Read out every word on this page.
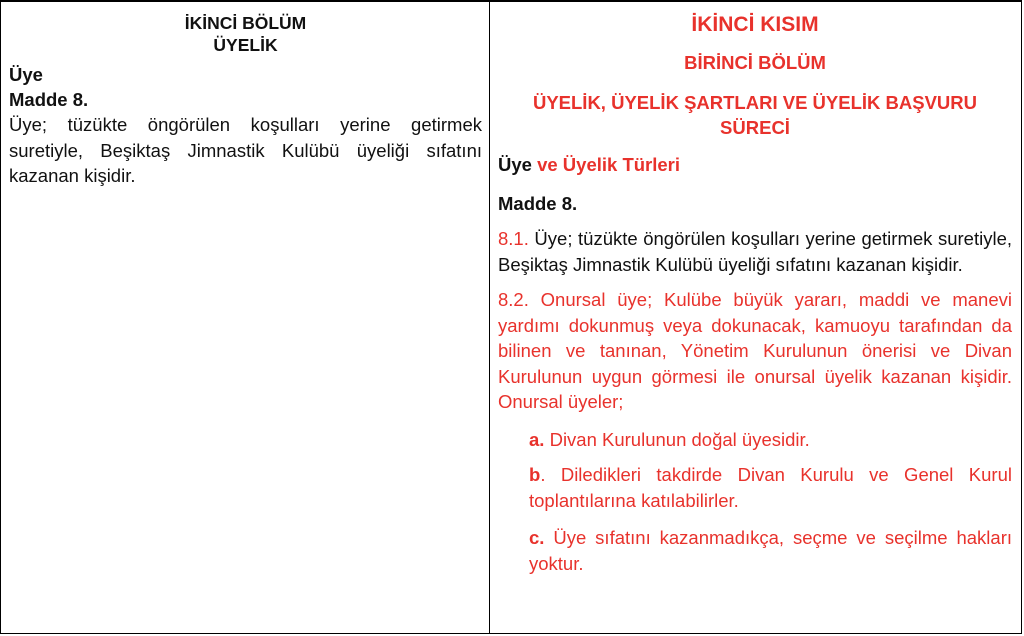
İKİNCİ BÖLÜM
ÜYELİK
Üye
Madde 8.
Üye; tüzükte öngörülen koşulları yerine getirmek suretiyle, Beşiktaş Jimnastik Kulübü üyeliği sıfatını kazanan kişidir.
İKİNCİ KISIM
BİRİNCİ BÖLÜM
ÜYELİK, ÜYELİK ŞARTLARI VE ÜYELİK BAŞVURU SÜRECİ
Üye ve Üyelik Türleri
Madde 8.
8.1. Üye; tüzükte öngörülen koşulları yerine getirmek suretiyle, Beşiktaş Jimnastik Kulübü üyeliği sıfatını kazanan kişidir.
8.2. Onursal üye; Kulübe büyük yararı, maddi ve manevi yardımı dokunmuş veya dokunacak, kamuoyu tarafından da bilinen ve tanınan, Yönetim Kurulunun önerisi ve Divan Kurulunun uygun görmesi ile onursal üyelik kazanan kişidir. Onursal üyeler;
a. Divan Kurulunun doğal üyesidir.
b. Diledikleri takdirde Divan Kurulu ve Genel Kurul toplantılarına katılabilirler.
c. Üye sıfatını kazanmadıkça, seçme ve seçilme hakları yoktur.
